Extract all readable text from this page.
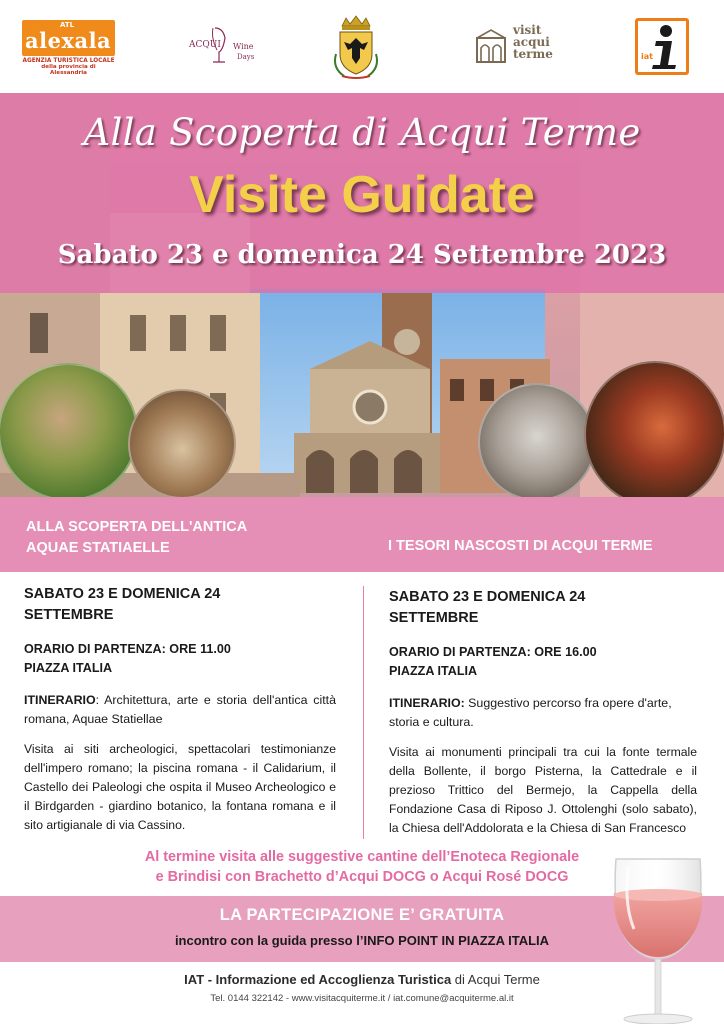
ATL
alexala
AGENZIA TURISTICA LOCALE
della provincia di Alessandria
ACQUI Wine
Days
visit
acqui
terme	iat
Alla Scoperta di Acqui Terme
Visite Guidate
Sabato 23 e domenica 24 Settembre 2023
ALLA SCOPERTA DELL'ANTICA
AQUAE STATIAELLE	I TESORI NASCOSTI DI ACQUI TERME
SABATO 23 E DOMENICA 24
SETTEMBRE
ORARIO DI PARTENZA: ORE 11.00
PIAZZA ITALIA
ITINERARIO: Architettura, arte e storia dell'antica città romana, Aquae Statiellae
Visita ai siti archeologici, spettacolari testimonianze dell'impero romano; la piscina romana - il Calidarium, il Castello dei Paleologi che ospita il Museo Archeologico e il Birdgarden - giardino botanico, la fontana romana e il sito artigianale di via Cassino.
SABATO 23 E DOMENICA 24
SETTEMBRE
ORARIO DI PARTENZA: ORE 16.00
PIAZZA ITALIA
ITINERARIO: Suggestivo percorso fra opere d'arte, storia e cultura.
Visita ai monumenti principali tra cui la fonte termale della Bollente, il borgo Pisterna, la Cattedrale e il prezioso Trittico del Bermejo, la Cappella della Fondazione Casa di Riposo J. Ottolenghi (solo sabato), la Chiesa dell'Addolorata e la Chiesa di San Francesco
Al termine visita alle suggestive cantine dell’Enoteca Regionale
e Brindisi con Brachetto d’Acqui DOCG o Acqui Rosé DOCG
LA PARTECIPAZIONE E’ GRATUITA
incontro con la guida presso l’INFO POINT IN PIAZZA ITALIA
IAT - Informazione ed Accoglienza Turistica di Acqui Terme
Tel. 0144 322142 - www.visitacquiterme.it / iat.comune@acquiterme.al.it
